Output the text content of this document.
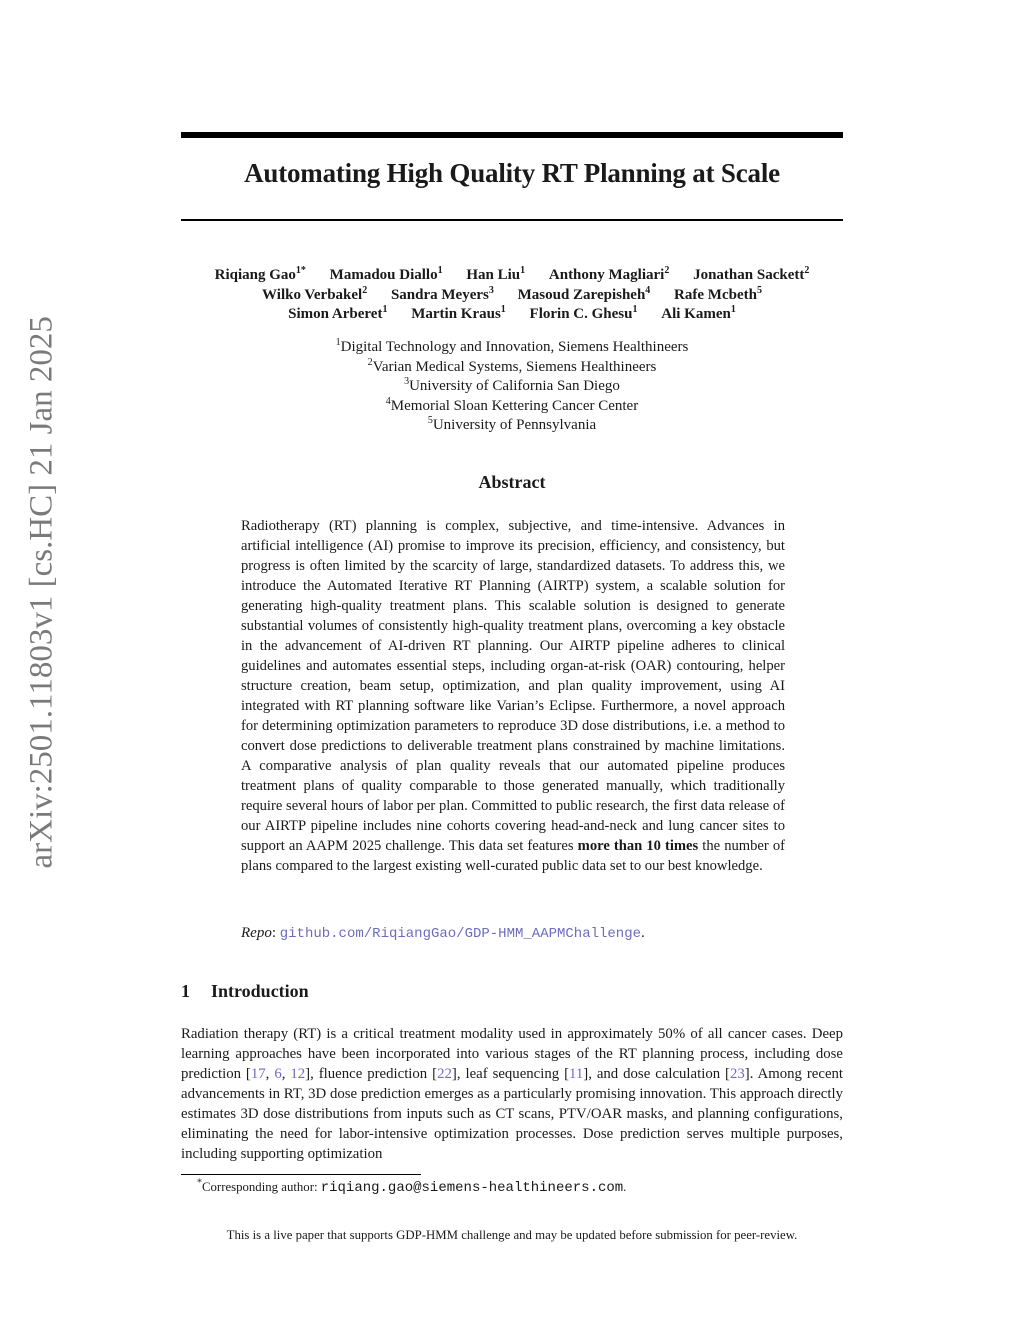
arXiv:2501.11803v1 [cs.HC] 21 Jan 2025
Automating High Quality RT Planning at Scale
Riqiang Gao$^{1*}$ Mamadou Diallo$^1$ Han Liu$^1$ Anthony Magliari$^2$ Jonathan Sackett$^2$
Wilko Verbakel$^2$ Sandra Meyers$^3$ Masoud Zarepisheh$^4$ Rafe Mcbeth$^5$
Simon Arberet$^1$ Martin Kraus$^1$ Florin C. Ghesu$^1$ Ali Kamen$^1$
$^1$Digital Technology and Innovation, Siemens Healthineers
$^2$Varian Medical Systems, Siemens Healthineers
$^3$University of California San Diego
$^4$Memorial Sloan Kettering Cancer Center
$^5$University of Pennsylvania
Abstract
Radiotherapy (RT) planning is complex, subjective, and time-intensive. Advances in artificial intelligence (AI) promise to improve its precision, efficiency, and consistency, but progress is often limited by the scarcity of large, standardized datasets. To address this, we introduce the Automated Iterative RT Planning (AIRTP) system, a scalable solution for generating high-quality treatment plans. This scalable solution is designed to generate substantial volumes of consistently high-quality treatment plans, overcoming a key obstacle in the advancement of AI-driven RT planning. Our AIRTP pipeline adheres to clinical guidelines and automates essential steps, including organ-at-risk (OAR) contouring, helper structure creation, beam setup, optimization, and plan quality improvement, using AI integrated with RT planning software like Varian’s Eclipse. Furthermore, a novel approach for determining optimization parameters to reproduce 3D dose distributions, i.e. a method to convert dose predictions to deliverable treatment plans constrained by machine limitations. A comparative analysis of plan quality reveals that our automated pipeline produces treatment plans of quality comparable to those generated manually, which traditionally require several hours of labor per plan. Committed to public research, the first data release of our AIRTP pipeline includes nine cohorts covering head-and-neck and lung cancer sites to support an AAPM 2025 challenge. This data set features more than 10 times the number of plans compared to the largest existing well-curated public data set to our best knowledge.
Repo: github.com/RiqiangGao/GDP-HMM_AAPMChallenge.
1 Introduction
Radiation therapy (RT) is a critical treatment modality used in approximately 50% of all cancer cases. Deep learning approaches have been incorporated into various stages of the RT planning process, including dose prediction [17, 6, 12], fluence prediction [22], leaf sequencing [11], and dose calculation [23]. Among recent advancements in RT, 3D dose prediction emerges as a particularly promising innovation. This approach directly estimates 3D dose distributions from inputs such as CT scans, PTV/OAR masks, and planning configurations, eliminating the need for labor-intensive optimization processes. Dose prediction serves multiple purposes, including supporting optimization
*Corresponding author: riqiang.gao@siemens-healthineers.com.
This is a live paper that supports GDP-HMM challenge and may be updated before submission for peer-review.
